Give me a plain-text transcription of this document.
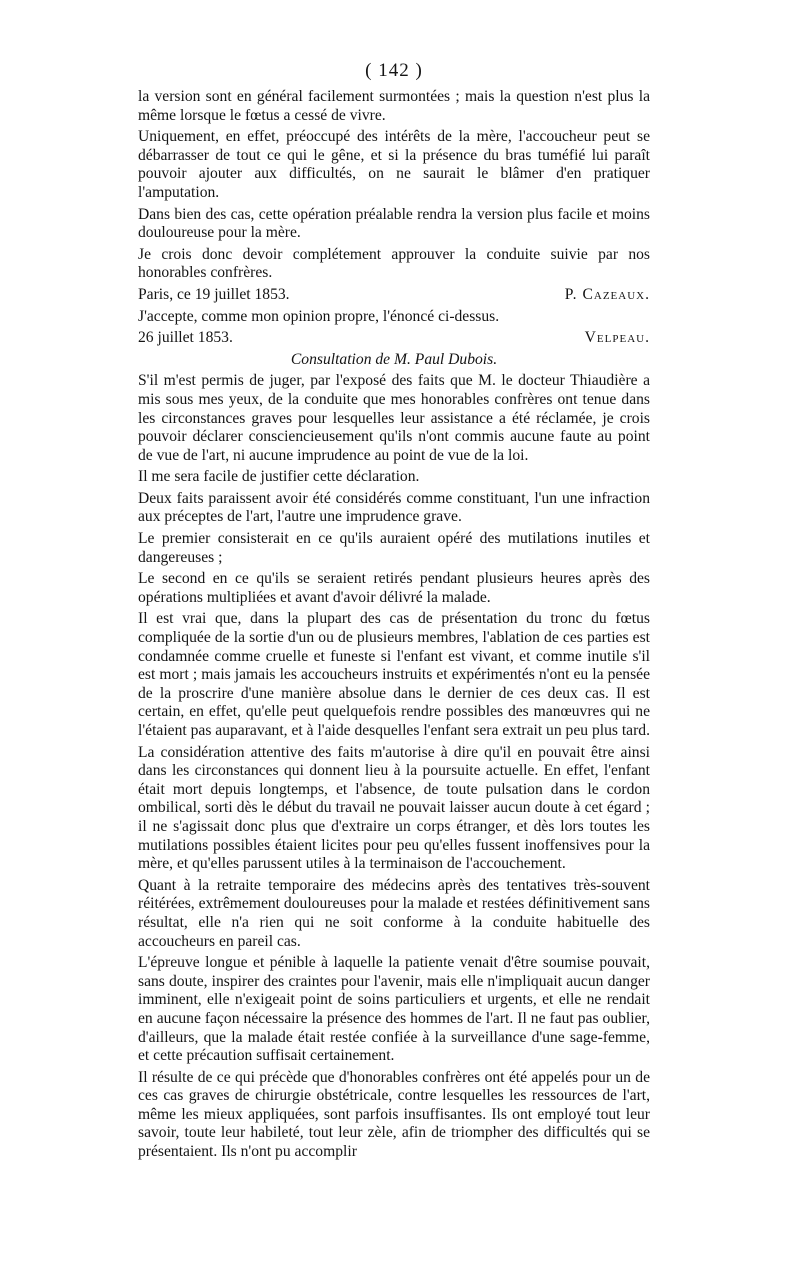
( 142 )

la version sont en général facilement surmontées ; mais la question n'est plus la même lorsque le fœtus a cessé de vivre.

Uniquement, en effet, préoccupé des intérêts de la mère, l'accoucheur peut se débarrasser de tout ce qui le gêne, et si la présence du bras tuméfié lui paraît pouvoir ajouter aux difficultés, on ne saurait le blâmer d'en pratiquer l'amputation.

Dans bien des cas, cette opération préalable rendra la version plus facile et moins douloureuse pour la mère.

Je crois donc devoir complétement approuver la conduite suivie par nos honorables confrères.

Paris, ce 19 juillet 1853.	P. Cazeaux.

J'accepte, comme mon opinion propre, l'énoncé ci-dessus.

26 juillet 1853.	Velpeau.
Consultation de M. Paul Dubois.

S'il m'est permis de juger, par l'exposé des faits que M. le docteur Thiaudière a mis sous mes yeux, de la conduite que mes honorables confrères ont tenue dans les circonstances graves pour lesquelles leur assistance a été réclamée, je crois pouvoir déclarer consciencieusement qu'ils n'ont commis aucune faute au point de vue de l'art, ni aucune imprudence au point de vue de la loi.

Il me sera facile de justifier cette déclaration.

Deux faits paraissent avoir été considérés comme constituant, l'un une infraction aux préceptes de l'art, l'autre une imprudence grave.

Le premier consisterait en ce qu'ils auraient opéré des mutilations inutiles et dangereuses ;

Le second en ce qu'ils se seraient retirés pendant plusieurs heures après des opérations multipliées et avant d'avoir délivré la malade.

Il est vrai que, dans la plupart des cas de présentation du tronc du fœtus compliquée de la sortie d'un ou de plusieurs membres, l'ablation de ces parties est condamnée comme cruelle et funeste si l'enfant est vivant, et comme inutile s'il est mort ; mais jamais les accoucheurs instruits et expérimentés n'ont eu la pensée de la proscrire d'une manière absolue dans le dernier de ces deux cas. Il est certain, en effet, qu'elle peut quelquefois rendre possibles des manœuvres qui ne l'étaient pas auparavant, et à l'aide desquelles l'enfant sera extrait un peu plus tard.

La considération attentive des faits m'autorise à dire qu'il en pouvait être ainsi dans les circonstances qui donnent lieu à la poursuite actuelle. En effet, l'enfant était mort depuis longtemps, et l'absence, de toute pulsation dans le cordon ombilical, sorti dès le début du travail ne pouvait laisser aucun doute à cet égard ; il ne s'agissait donc plus que d'extraire un corps étranger, et dès lors toutes les mutilations possibles étaient licites pour peu qu'elles fussent inoffensives pour la mère, et qu'elles parussent utiles à la terminaison de l'accouchement.

Quant à la retraite temporaire des médecins après des tentatives très-souvent réitérées, extrêmement douloureuses pour la malade et restées définitivement sans résultat, elle n'a rien qui ne soit conforme à la conduite habituelle des accoucheurs en pareil cas.

L'épreuve longue et pénible à laquelle la patiente venait d'être soumise pouvait, sans doute, inspirer des craintes pour l'avenir, mais elle n'impliquait aucun danger imminent, elle n'exigeait point de soins particuliers et urgents, et elle ne rendait en aucune façon nécessaire la présence des hommes de l'art. Il ne faut pas oublier, d'ailleurs, que la malade était restée confiée à la surveillance d'une sage-femme, et cette précaution suffisait certainement.

Il résulte de ce qui précède que d'honorables confrères ont été appelés pour un de ces cas graves de chirurgie obstétricale, contre lesquelles les ressources de l'art, même les mieux appliquées, sont parfois insuffisantes. Ils ont employé tout leur savoir, toute leur habileté, tout leur zèle, afin de triompher des difficultés qui se présentaient. Ils n'ont pu accomplir
